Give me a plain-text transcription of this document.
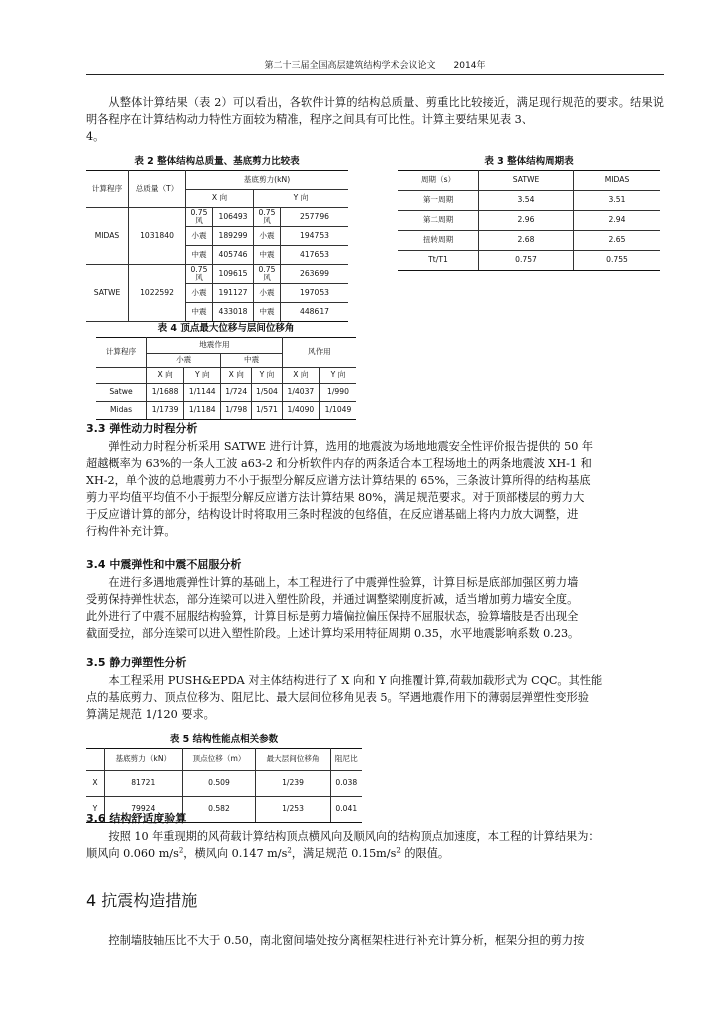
第二十三届全国高层建筑结构学术会议论文　　2014年
从整体计算结果（表 2）可以看出，各软件计算的结构总质量、剪重比比较接近，满足现行规范的要求。结果说明各程序在计算结构动力特性方面较为精准，程序之间具有可比性。计算主要结果见表 3、
4。

表 2 整体结构总质量、基底剪力比较表

计算程序	总质量（T）	基底剪力(kN)			
		X 向		Y 向	
MIDAS	1031840	0.75 风	106493	0.75 风	257796
		小震	189299	小震	194753
		中震	405746	中震	417653
SATWE	1022592	0.75 风	109615	0.75 风	263699
		小震	191127	小震	197053
		中震	433018	中震	448617

表 3 整体结构周期表

周期（s）	SATWE	MIDAS
第一周期	3.54	3.51
第二周期	2.96	2.94
扭转周期	2.68	2.65
Tt/T1	0.757	0.755

表 4 顶点最大位移与层间位移角

计算程序	地震作用				风作用	
	小震		中震			
	X 向	Y 向	X 向	Y 向	X 向	Y 向
Satwe	1/1688	1/1144	1/724	1/504	1/4037	1/990
Midas	1/1739	1/1184	1/798	1/571	1/4090	1/1049

3.3 弹性动力时程分析

弹性动力时程分析采用 SATWE 进行计算，选用的地震波为场地地震安全性评价报告提供的 50 年
超越概率为 63%的一条人工波 a63-2 和分析软件内存的两条适合本工程场地土的两条地震波 XH-1 和
XH-2，单个波的总地震剪力不小于振型分解反应谱方法计算结果的 65%，三条波计算所得的结构基底
剪力平均值平均值不小于振型分解反应谱方法计算结果 80%，满足规范要求。对于顶部楼层的剪力大
于反应谱计算的部分，结构设计时将取用三条时程波的包络值，在反应谱基础上将内力放大调整，进
行构件补充计算。

3.4 中震弹性和中震不屈服分析

在进行多遇地震弹性计算的基础上，本工程进行了中震弹性验算，计算目标是底部加强区剪力墙
受剪保持弹性状态，部分连梁可以进入塑性阶段，并通过调整梁刚度折减，适当增加剪力墙安全度。
此外进行了中震不屈服结构验算，计算目标是剪力墙偏拉偏压保持不屈服状态，验算墙肢是否出现全
截面受拉，部分连梁可以进入塑性阶段。上述计算均采用特征周期 0.35，水平地震影响系数 0.23。

3.5 静力弹塑性分析

本工程采用 PUSH&EPDA 对主体结构进行了 X 向和 Y 向推覆计算,荷载加载形式为 CQC。其性能
点的基底剪力、顶点位移为、阻尼比、最大层间位移角见表 5。罕遇地震作用下的薄弱层弹塑性变形验
算满足规范 1/120 要求。

表 5 结构性能点相关参数

	基底剪力（kN）	顶点位移（m）	最大层间位移角	阻尼比
X	81721	0.509	1/239	0.038
Y	79924	0.582	1/253	0.041

3.6 结构舒适度验算

按照 10 年重现期的风荷载计算结构顶点横风向及顺风向的结构顶点加速度，本工程的计算结果为：
顺风向 0.060 $m/s^2$，横风向 0.147 $m/s^2$，满足规范 $0.15m/s^2$ 的限值。

4 抗震构造措施

控制墙肢轴压比不大于 0.50，南北窗间墙处按分离框架柱进行补充计算分析，框架分担的剪力按
